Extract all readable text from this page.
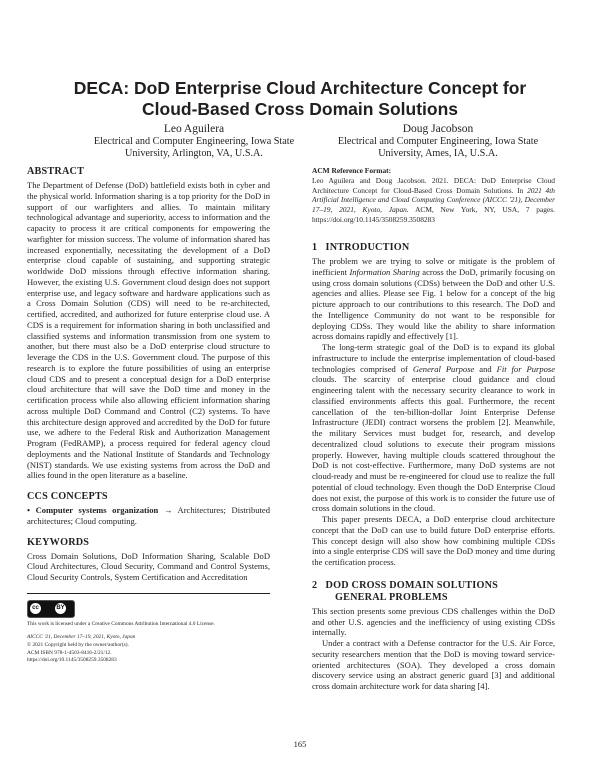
DECA: DoD Enterprise Cloud Architecture Concept for
Cloud-Based Cross Domain Solutions
Leo Aguilera
Electrical and Computer Engineering, Iowa State
University, Arlington, VA, U.S.A.
Doug Jacobson
Electrical and Computer Engineering, Iowa State
University, Ames, IA, U.S.A.
ABSTRACT

The Department of Defense (DoD) battlefield exists both in cyber and the physical world. Information sharing is a top priority for the DoD in support of our warfighters and allies. To maintain military technological advantage and superiority, access to information and the capacity to process it are critical components for empowering the warfighter for mission success. The volume of information shared has increased exponentially, necessitating the development of a DoD enterprise cloud capable of sustaining, and supporting strategic worldwide DoD missions through effective information sharing. However, the existing U.S. Government cloud design does not support enterprise use, and legacy software and hardware applications such as a Cross Domain Solution (CDS) will need to be re-architected, certified, accredited, and authorized for future enterprise cloud use. A CDS is a requirement for information sharing in both unclassified and classified systems and information transmission from one system to another, but there must also be a DoD enterprise cloud structure to leverage the CDS in the U.S. Government cloud. The purpose of this research is to explore the future possibilities of using an enterprise cloud CDS and to present a conceptual design for a DoD enterprise cloud architecture that will save the DoD time and money in the certification process while also allowing efficient information sharing across multiple DoD Command and Control (C2) systems. To have this architecture design approved and accredited by the DoD for future use, we adhere to the Federal Risk and Authorization Management Program (FedRAMP), a process required for federal agency cloud deployments and the National Institute of Standards and Technology (NIST) standards. We use existing systems from across the DoD and allies found in the open literature as a baseline.

CCS CONCEPTS

• Computer systems organization → Architectures; Distributed architectures; Cloud computing.

KEYWORDS

Cross Domain Solutions, DoD Information Sharing, Scalable DoD Cloud Architectures, Cloud Security, Command and Control Systems, Cloud Security Controls, System Certification and Accreditation

cc	BY

This work is licensed under a Creative Commons Attribution International 4.0 License.

AICCC '21, December 17–19, 2021, Kyoto, Japan

© 2021 Copyright held by the owner/author(s).

ACM ISBN 978-1-4503-8416-2/21/12.

https://doi.org/10.1145/3508259.3508283

ACM Reference Format:

Leo Aguilera and Doug Jacobson. 2021. DECA: DoD Enterprise Cloud Architecture Concept for Cloud-Based Cross Domain Solutions. In 2021 4th Artificial Intelligence and Cloud Computing Conference (AICCC '21), December 17–19, 2021, Kyoto, Japan. ACM, New York, NY, USA, 7 pages. https://doi.org/10.1145/3508259.3508283

1   INTRODUCTION

The problem we are trying to solve or mitigate is the problem of inefficient Information Sharing across the DoD, primarily focusing on using cross domain solutions (CDSs) between the DoD and other U.S. agencies and allies. Please see Fig. 1 below for a concept of the big picture approach to our contributions to this research. The DoD and the Intelligence Community do not want to be responsible for deploying CDSs. They would like the ability to share information across domains rapidly and effectively [1].

The long-term strategic goal of the DoD is to expand its global infrastructure to include the enterprise implementation of cloud-based technologies comprised of General Purpose and Fit for Purpose clouds. The scarcity of enterprise cloud guidance and cloud engineering talent with the necessary security clearance to work in classified environments affects this goal. Furthermore, the recent cancellation of the ten-billion-dollar Joint Enterprise Defense Infrastructure (JEDI) contract worsens the problem [2]. Meanwhile, the military Services must budget for, research, and develop decentralized cloud solutions to execute their program missions properly. However, having multiple clouds scattered throughout the DoD is not cost-effective. Furthermore, many DoD systems are not cloud-ready and must be re-engineered for cloud use to realize the full potential of cloud technology. Even though the DoD Enterprise Cloud does not exist, the purpose of this work is to consider the future use of cross domain solutions in the cloud.

This paper presents DECA, a DoD enterprise cloud architecture concept that the DoD can use to build future DoD enterprise efforts. This concept design will also show how combining multiple CDSs into a single enterprise CDS will save the DoD money and time during the certification process.

2   DOD CROSS DOMAIN SOLUTIONS
GENERAL PROBLEMS

This section presents some previous CDS challenges within the DoD and other U.S. agencies and the inefficiency of using existing CDSs internally.

Under a contract with a Defense contractor for the U.S. Air Force, security researchers mention that the DoD is moving toward service-oriented architectures (SOA). They developed a cross domain discovery service using an abstract generic guard [3] and additional cross domain architecture work for data sharing [4].

165
